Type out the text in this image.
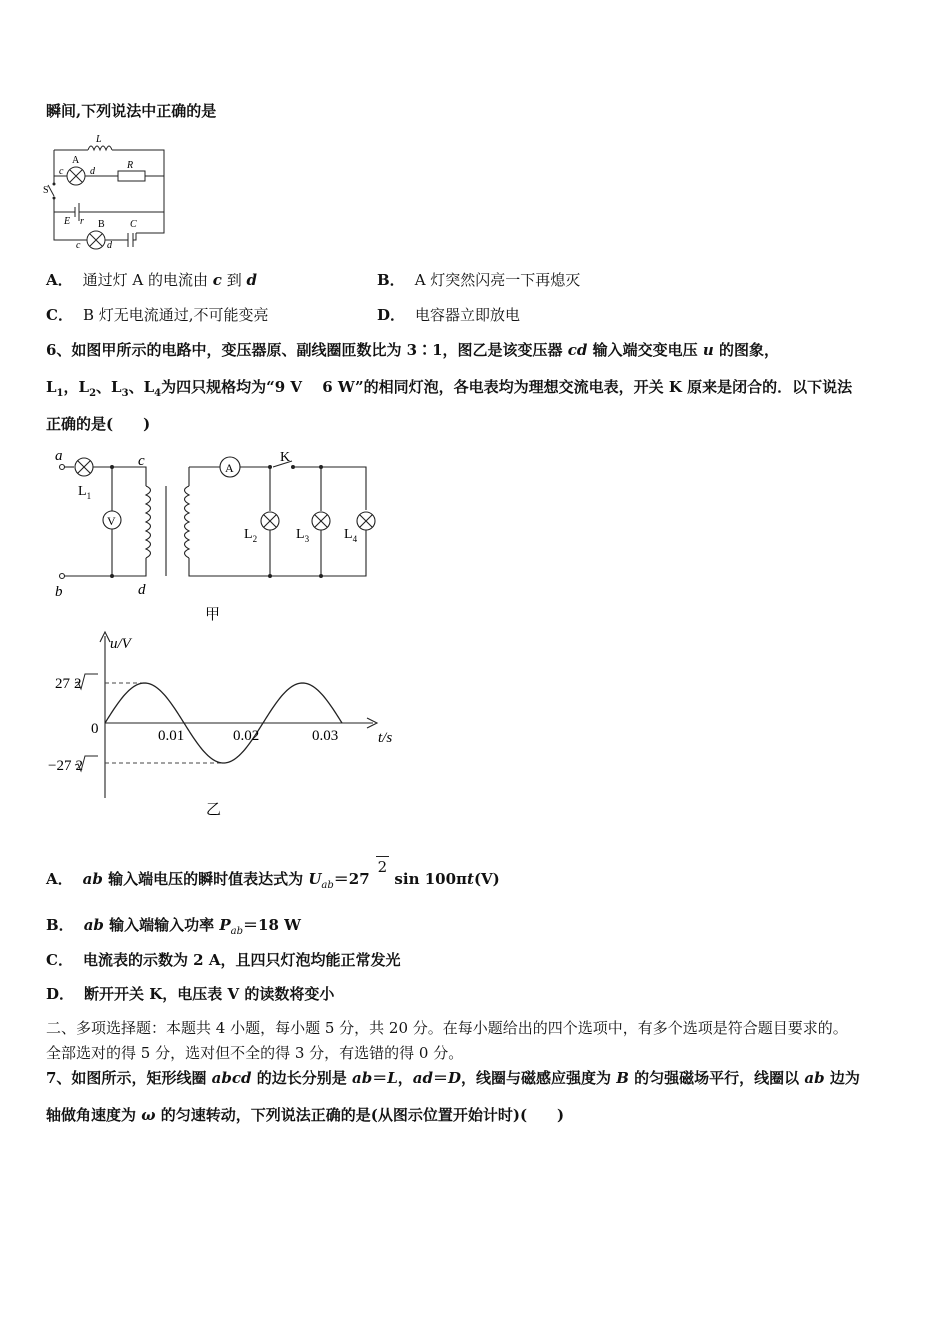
瞬间,下列说法中正确的是
L
A
c	d
R
S
E r B	C
c	d
A． 通过灯 A 的电流由 c 到 d	B． A 灯突然闪亮一下再熄灭
C． B 灯无电流通过,不可能变亮	D． 电容器立即放电
6、如图甲所示的电路中，变压器原、副线圈匝数比为 3∶1，图乙是该变压器 cd 输入端交变电压 u 的图象，
$L_1$，$L_2$、$L_3$、$L_4$为四只规格均为“9 V　 6 W”的相同灯泡，各电表均为理想交流电表，开关 K 原来是闭合的．以下说法
正确的是(　　)
a
b
c
d
K
V
A
$L_1$
$L_2$	$L_3$ $L_4$
甲
u/V
t/s
0	0.01	0.02	0.03
27 2
−27 2
乙
A． ab 输入端电压的瞬时值表达式为 $U_{ab}=272$ sin 100πt(V)
B． ab 输入端输入功率 $P_{ab}=18$ W
C． 电流表的示数为 2 A，且四只灯泡均能正常发光
D． 断开开关 K，电压表 V 的读数将变小
二、多项选择题：本题共 4 小题，每小题 5 分，共 20 分。在每小题给出的四个选项中，有多个选项是符合题目要求的。
全部选对的得 5 分，选对但不全的得 3 分，有选错的得 0 分。
7、如图所示，矩形线圈 abcd 的边长分别是 ab＝L，ad＝D，线圈与磁感应强度为 B 的匀强磁场平行，线圈以 ab 边为
轴做角速度为 ω 的匀速转动，下列说法正确的是(从图示位置开始计时)(　　)
